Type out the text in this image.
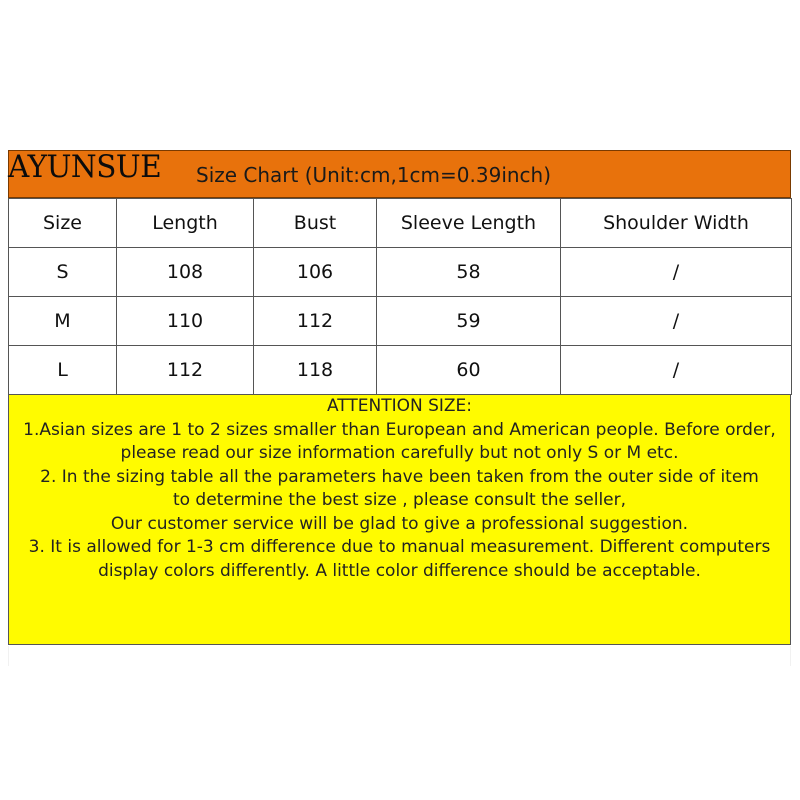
AYUNSUE Size Chart (Unit:cm,1cm=0.39inch)
Size	Length	Bust	Sleeve Length	Shoulder Width
S	108	106	58	/
M	110	112	59	/
L	112	118	60	/

ATTENTION SIZE:

1.Asian sizes are 1 to 2 sizes smaller than European and American people. Before order,

please read our size information carefully but not only S or M etc.

2. In the sizing table all the parameters have been taken from the outer side of item

to determine the best size , please consult the seller,

Our customer service will be glad to give a professional suggestion.

3. It is allowed for 1-3 cm difference due to manual measurement. Different computers display colors differently. A little color difference should be acceptable.
